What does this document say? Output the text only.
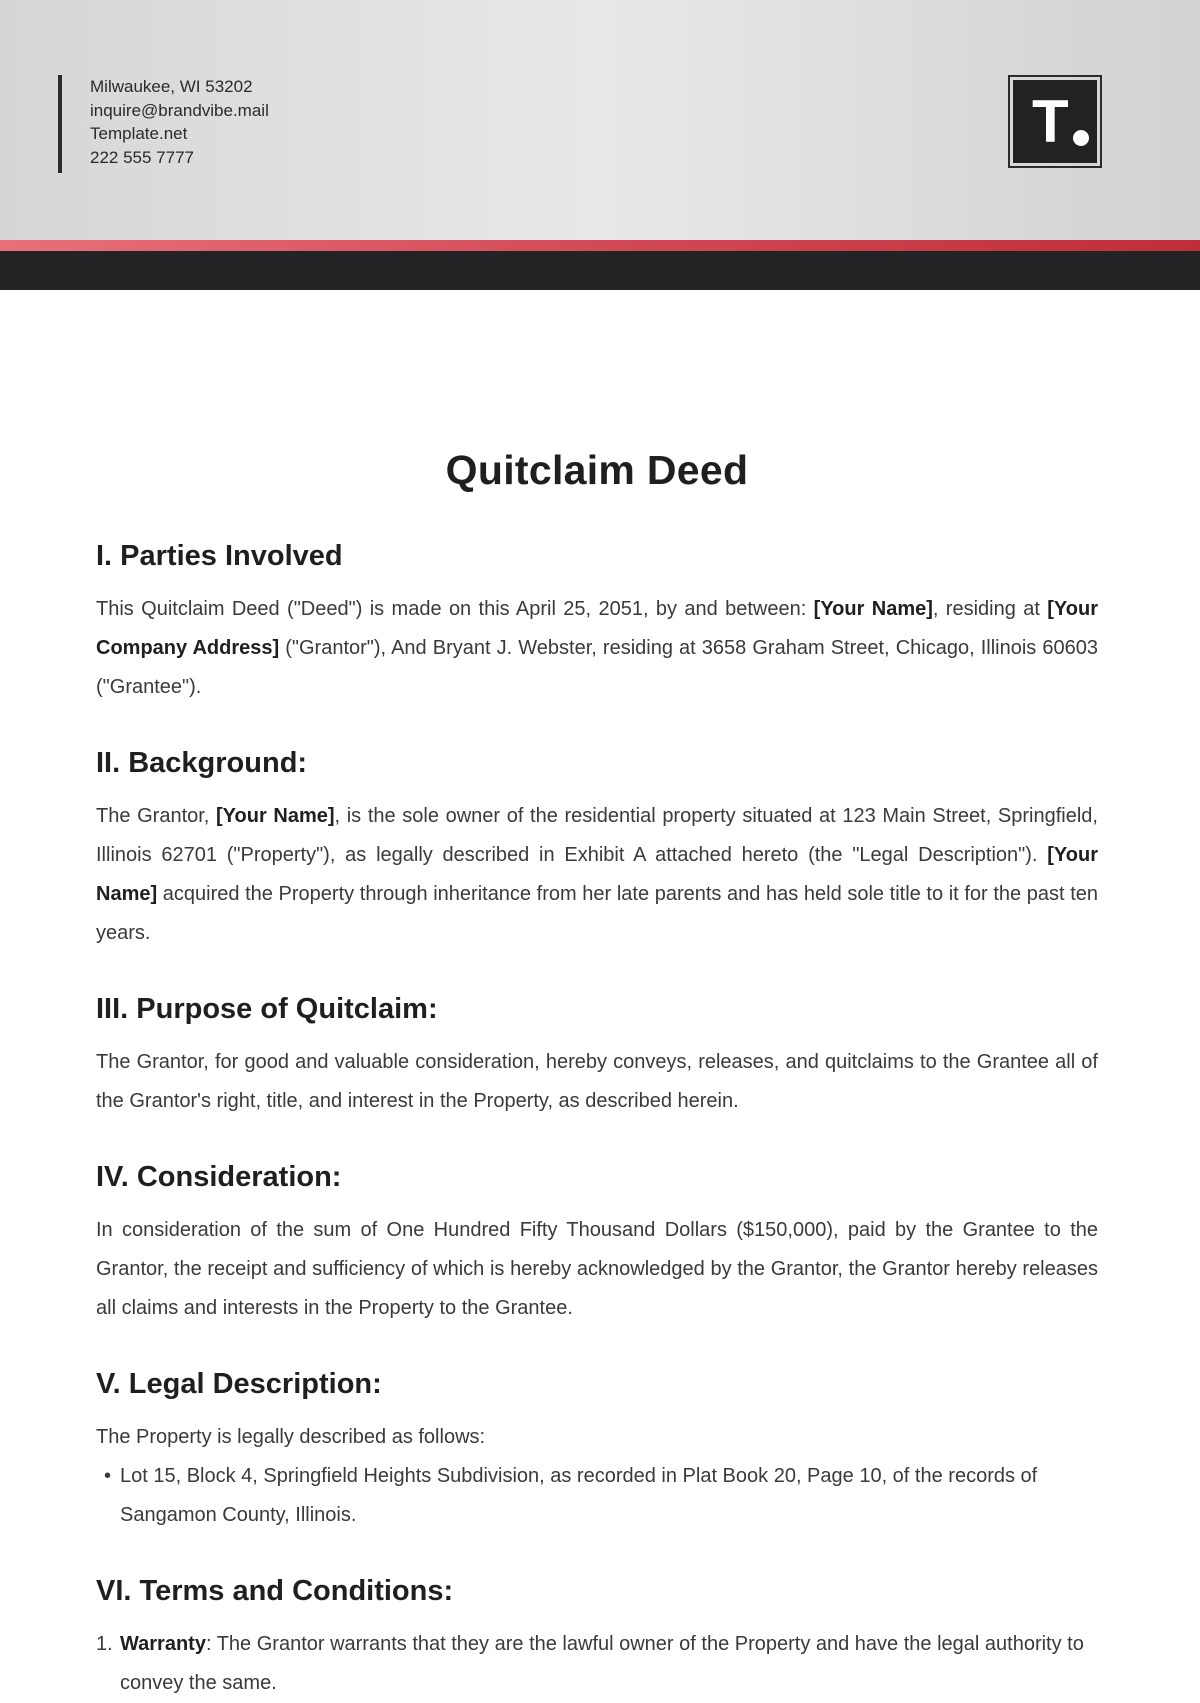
Milwaukee, WI 53202
inquire@brandvibe.mail
Template.net
222 555 7777
T
Quitclaim Deed
I. Parties Involved

This Quitclaim Deed ("Deed") is made on this April 25, 2051, by and between: [Your Name], residing at [Your Company Address] ("Grantor"), And Bryant J. Webster, residing at 3658 Graham Street, Chicago, Illinois 60603 ("Grantee").

II. Background:

The Grantor, [Your Name], is the sole owner of the residential property situated at 123 Main Street, Springfield, Illinois 62701 ("Property"), as legally described in Exhibit A attached hereto (the "Legal Description"). [Your Name] acquired the Property through inheritance from her late parents and has held sole title to it for the past ten years.

III. Purpose of Quitclaim:

The Grantor, for good and valuable consideration, hereby conveys, releases, and quitclaims to the Grantee all of the Grantor's right, title, and interest in the Property, as described herein.

IV. Consideration:

In consideration of the sum of One Hundred Fifty Thousand Dollars ($150,000), paid by the Grantee to the Grantor, the receipt and sufficiency of which is hereby acknowledged by the Grantor, the Grantor hereby releases all claims and interests in the Property to the Grantee.

V. Legal Description:

The Property is legally described as follows:

• Lot 15, Block 4, Springfield Heights Subdivision, as recorded in Plat Book 20, Page 10, of the records of Sangamon County, Illinois.
VI. Terms and Conditions:
1. Warranty: The Grantor warrants that they are the lawful owner of the Property and have the legal authority to convey the same.
